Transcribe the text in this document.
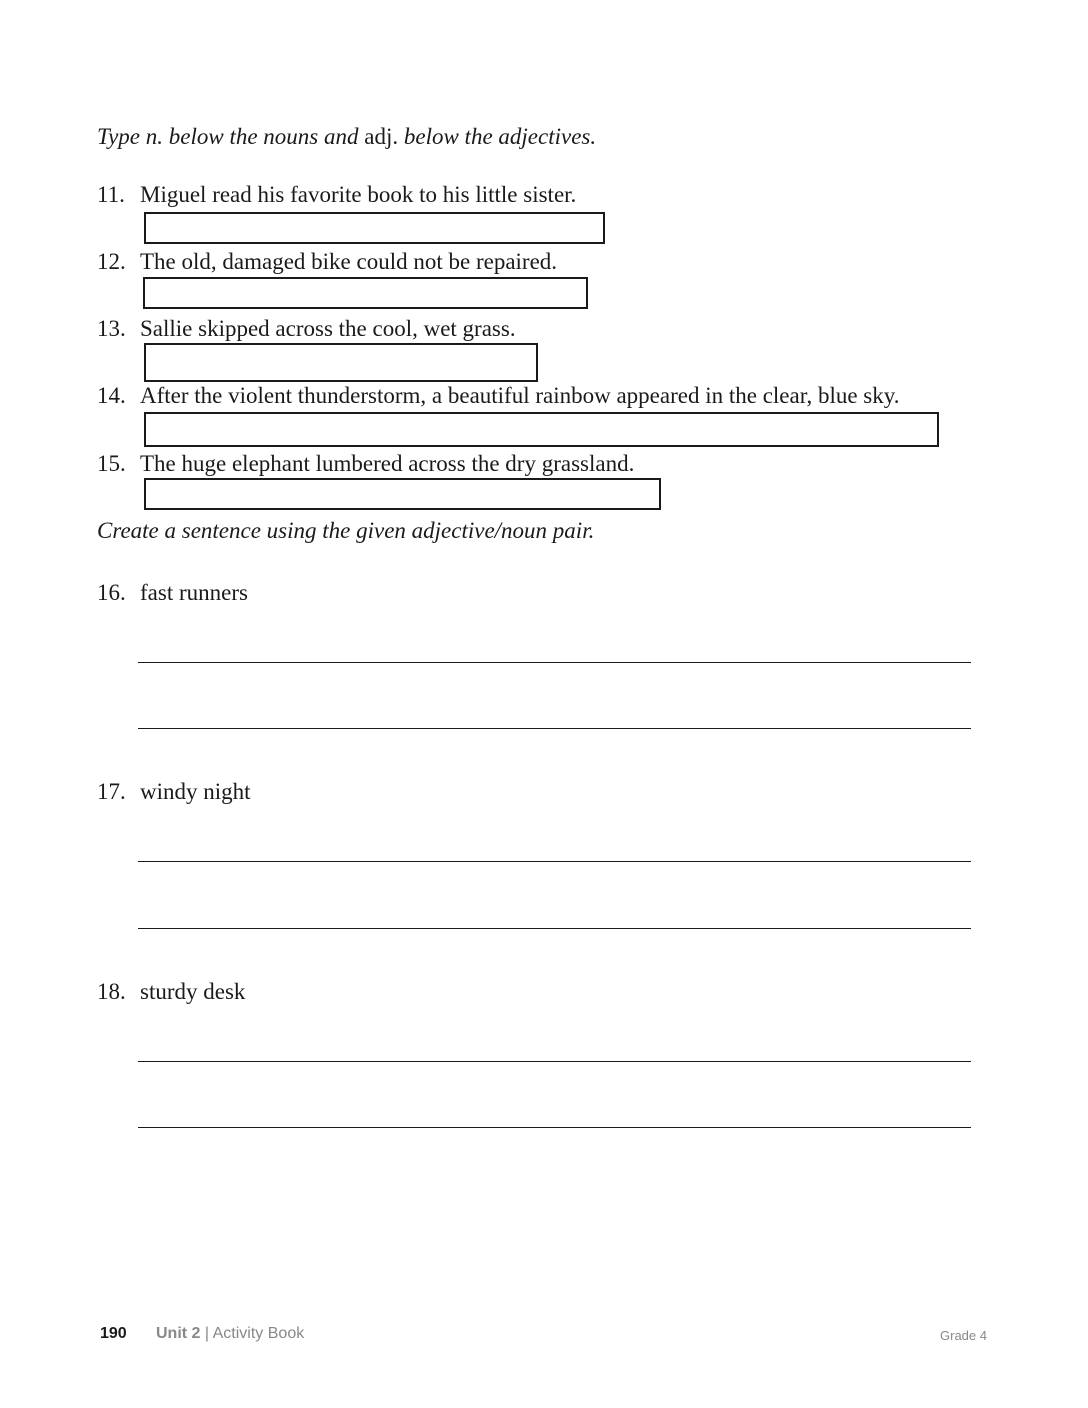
Type n. below the nouns and adj. below the adjectives.
11. Miguel read his favorite book to his little sister.
12. The old, damaged bike could not be repaired.
13. Sallie skipped across the cool, wet grass.
14. After the violent thunderstorm, a beautiful rainbow appeared in the clear, blue sky.
15. The huge elephant lumbered across the dry grassland.
Create a sentence using the given adjective/noun pair.
16. fast runners
17. windy night
18. sturdy desk
190 Unit 2 | Activity Book	Grade 4
